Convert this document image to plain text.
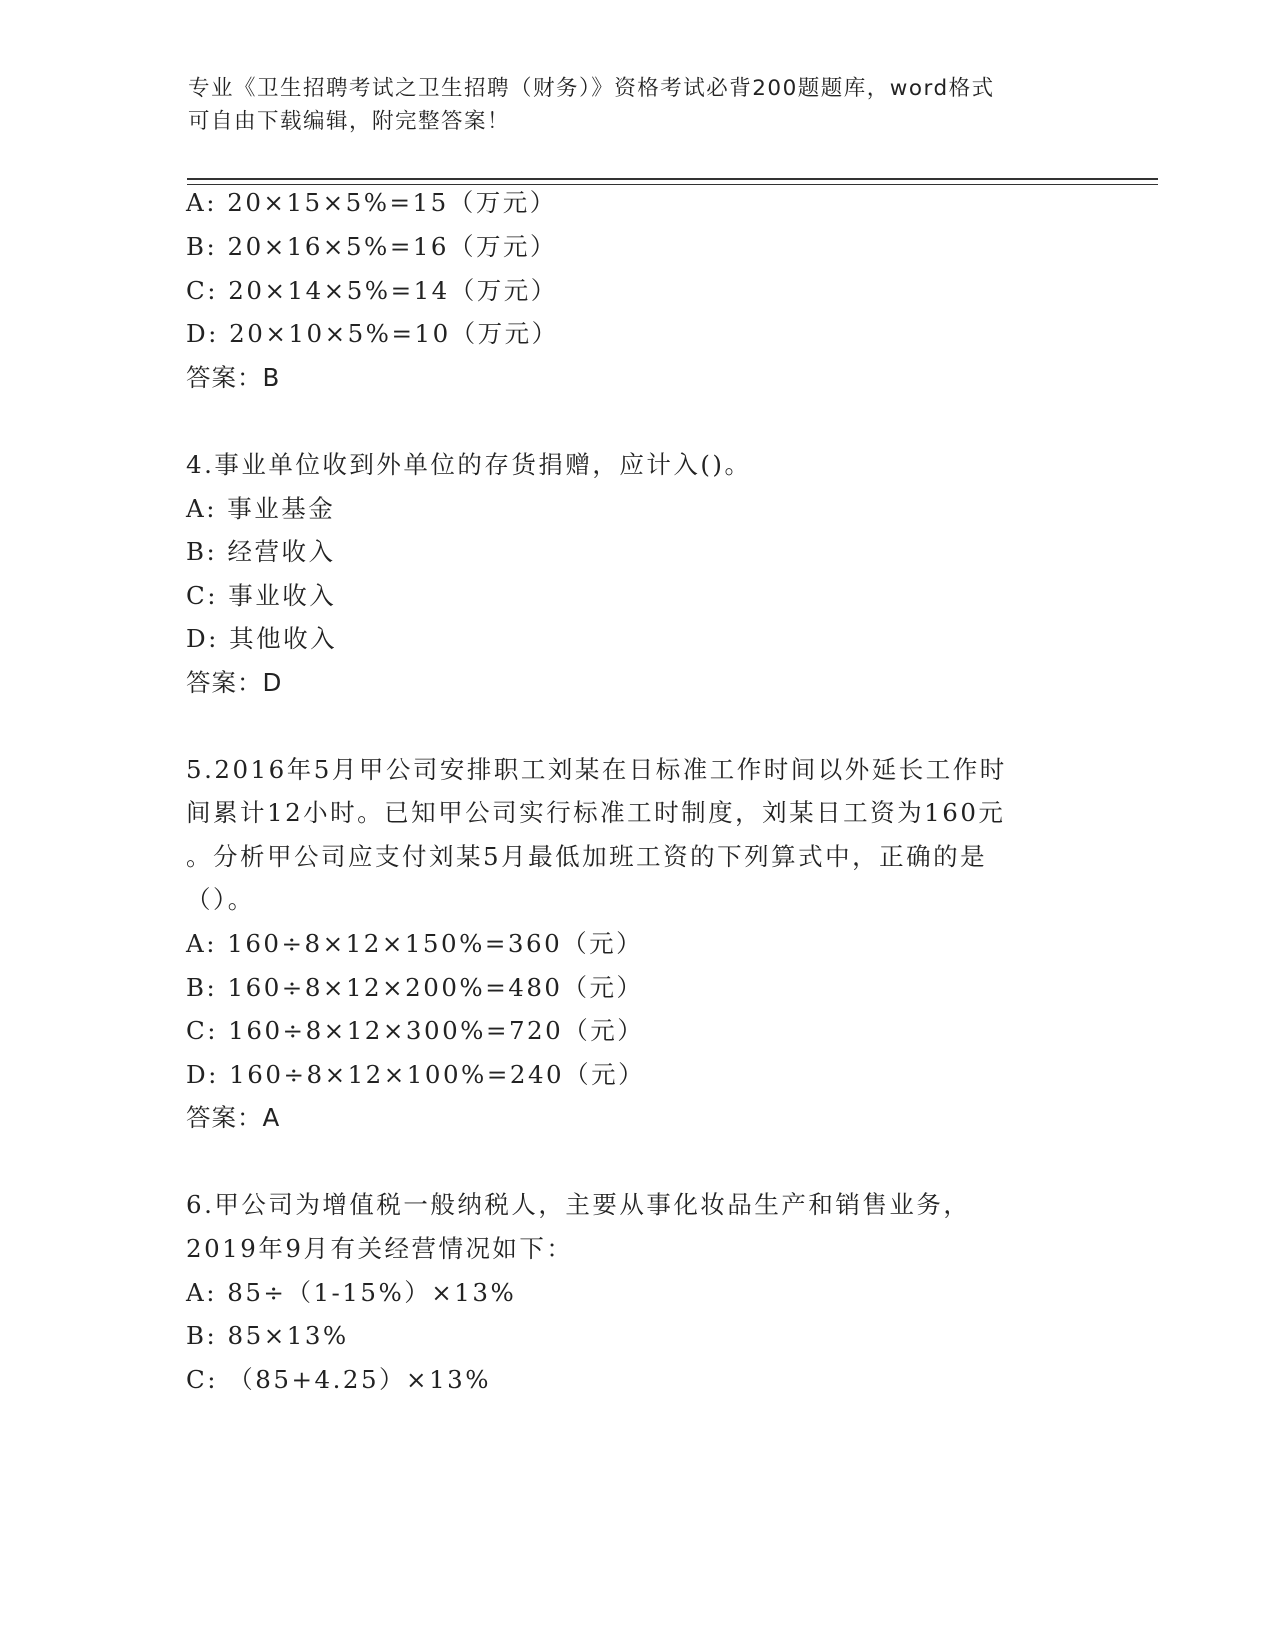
专业《卫生招聘考试之卫生招聘（财务）》资格考试必背200题题库，word格式
可自由下载编辑，附完整答案！
A: 20×15×5%=15（万元）
B: 20×16×5%=16（万元）
C: 20×14×5%=14（万元）
D: 20×10×5%=10（万元）
答案：B
4.事业单位收到外单位的存货捐赠，应计入()。
A: 事业基金
B: 经营收入
C: 事业收入
D: 其他收入
答案：D
5.2016年5月甲公司安排职工刘某在日标准工作时间以外延长工作时
间累计12小时。已知甲公司实行标准工时制度，刘某日工资为160元
。分析甲公司应支付刘某5月最低加班工资的下列算式中，正确的是
（）。
A: 160÷8×12×150%=360（元）
B: 160÷8×12×200%=480（元）
C: 160÷8×12×300%=720（元）
D: 160÷8×12×100%=240（元）
答案：A
6.甲公司为增值税一般纳税人，主要从事化妆品生产和销售业务，
2019年9月有关经营情况如下：
A: 85÷（1-15%）×13%
B: 85×13%
C: （85+4.25）×13%
